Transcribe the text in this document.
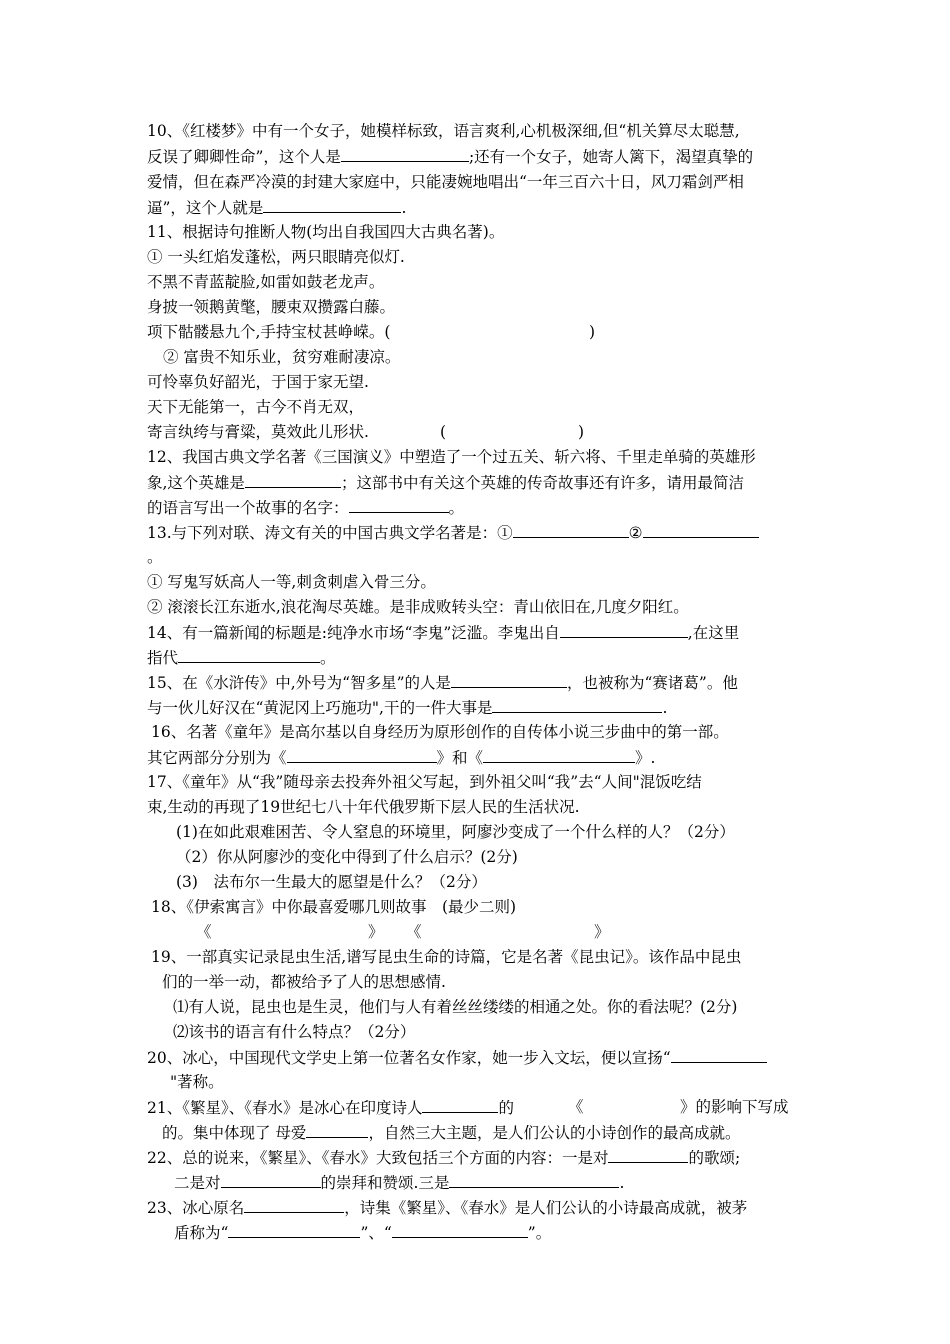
10、《红楼梦》中有一个女子，她模样标致，语言爽利,心机极深细,但“机关算尽太聪慧,
反误了卿卿性命”，这个人是	;还有一个女子，她寄人篱下，渴望真挚的
爱情，但在森严冷漠的封建大家庭中，只能凄婉地唱出“一年三百六十日，风刀霜剑严相
逼”，这个人就是	.
11、根据诗句推断人物(均出自我国四大古典名著)。
① 一头红焰发蓬松，两只眼睛亮似灯.
不黑不青蓝靛脸,如雷如鼓老龙声。
身披一领鹅黄氅，腰束双攒露白藤。
项下骷髅悬九个,手持宝杖甚峥嵘。(	)
② 富贵不知乐业，贫穷难耐凄凉。
可怜辜负好韶光，于国于家无望.
天下无能第一，古今不肖无双，
寄言纨绔与膏粱，莫效此儿形状.	(	)
12、我国古典文学名著《三国演义》中塑造了一个过五关、斩六将、千里走单骑的英雄形
象,这个英雄是	；这部书中有关这个英雄的传奇故事还有许多，请用最简洁
的语言写出一个故事的名字：	。
13.与下列对联、涛文有关的中国古典文学名著是：①	②
。
① 写鬼写妖高人一等,刺贪刺虐入骨三分。
② 滚滚长江东逝水,浪花淘尽英雄。是非成败转头空：青山依旧在,几度夕阳红。
14、有一篇新闻的标题是:纯净水市场“李鬼”泛滥。李鬼出自	,在这里
指代	。
15、在《水浒传》中,外号为“智多星”的人是	，也被称为“赛诸葛”。他
与一伙儿好汉在“黄泥冈上巧施功",干的一件大事是	.
16、名著《童年》是高尔基以自身经历为原形创作的自传体小说三步曲中的第一部。
其它两部分分别为《	》和《	》.
17、《童年》从“我”随母亲去投奔外祖父写起，到外祖父叫“我”去“人间"混饭吃结
束,生动的再现了19世纪七八十年代俄罗斯下层人民的生活状况.
(1)在如此艰难困苦、令人窒息的环境里，阿廖沙变成了一个什么样的人？（2分）
（2）你从阿廖沙的变化中得到了什么启示？(2分)
(3)　法布尔一生最大的愿望是什么？（2分）
18、《伊索寓言》中你最喜爱哪几则故事　(最少二则)
《	》 《	》
19、一部真实记录昆虫生活,谱写昆虫生命的诗篇，它是名著《昆虫记》。该作品中昆虫
们的一举一动，都被给予了人的思想感情.
⑴有人说，昆虫也是生灵，他们与人有着丝丝缕缕的相通之处。你的看法呢？(2分)
⑵该书的语言有什么特点？（2分）
20、冰心，中国现代文学史上第一位著名女作家，她一步入文坛，便以宣扬“
"著称。
21、《繁星》、《春水》是冰心在印度诗人	的	《	》的影响下写成
的。集中体现了 母爱	，自然三大主题，是人们公认的小诗创作的最高成就。
22、总的说来，《繁星》、《春水》大致包括三个方面的内容：一是对	的歌颂;
二是对	的崇拜和赞颂.三是	.
23、冰心原名	，诗集《繁星》、《春水》是人们公认的小诗最高成就，被茅
盾称为“	”、“	”。
